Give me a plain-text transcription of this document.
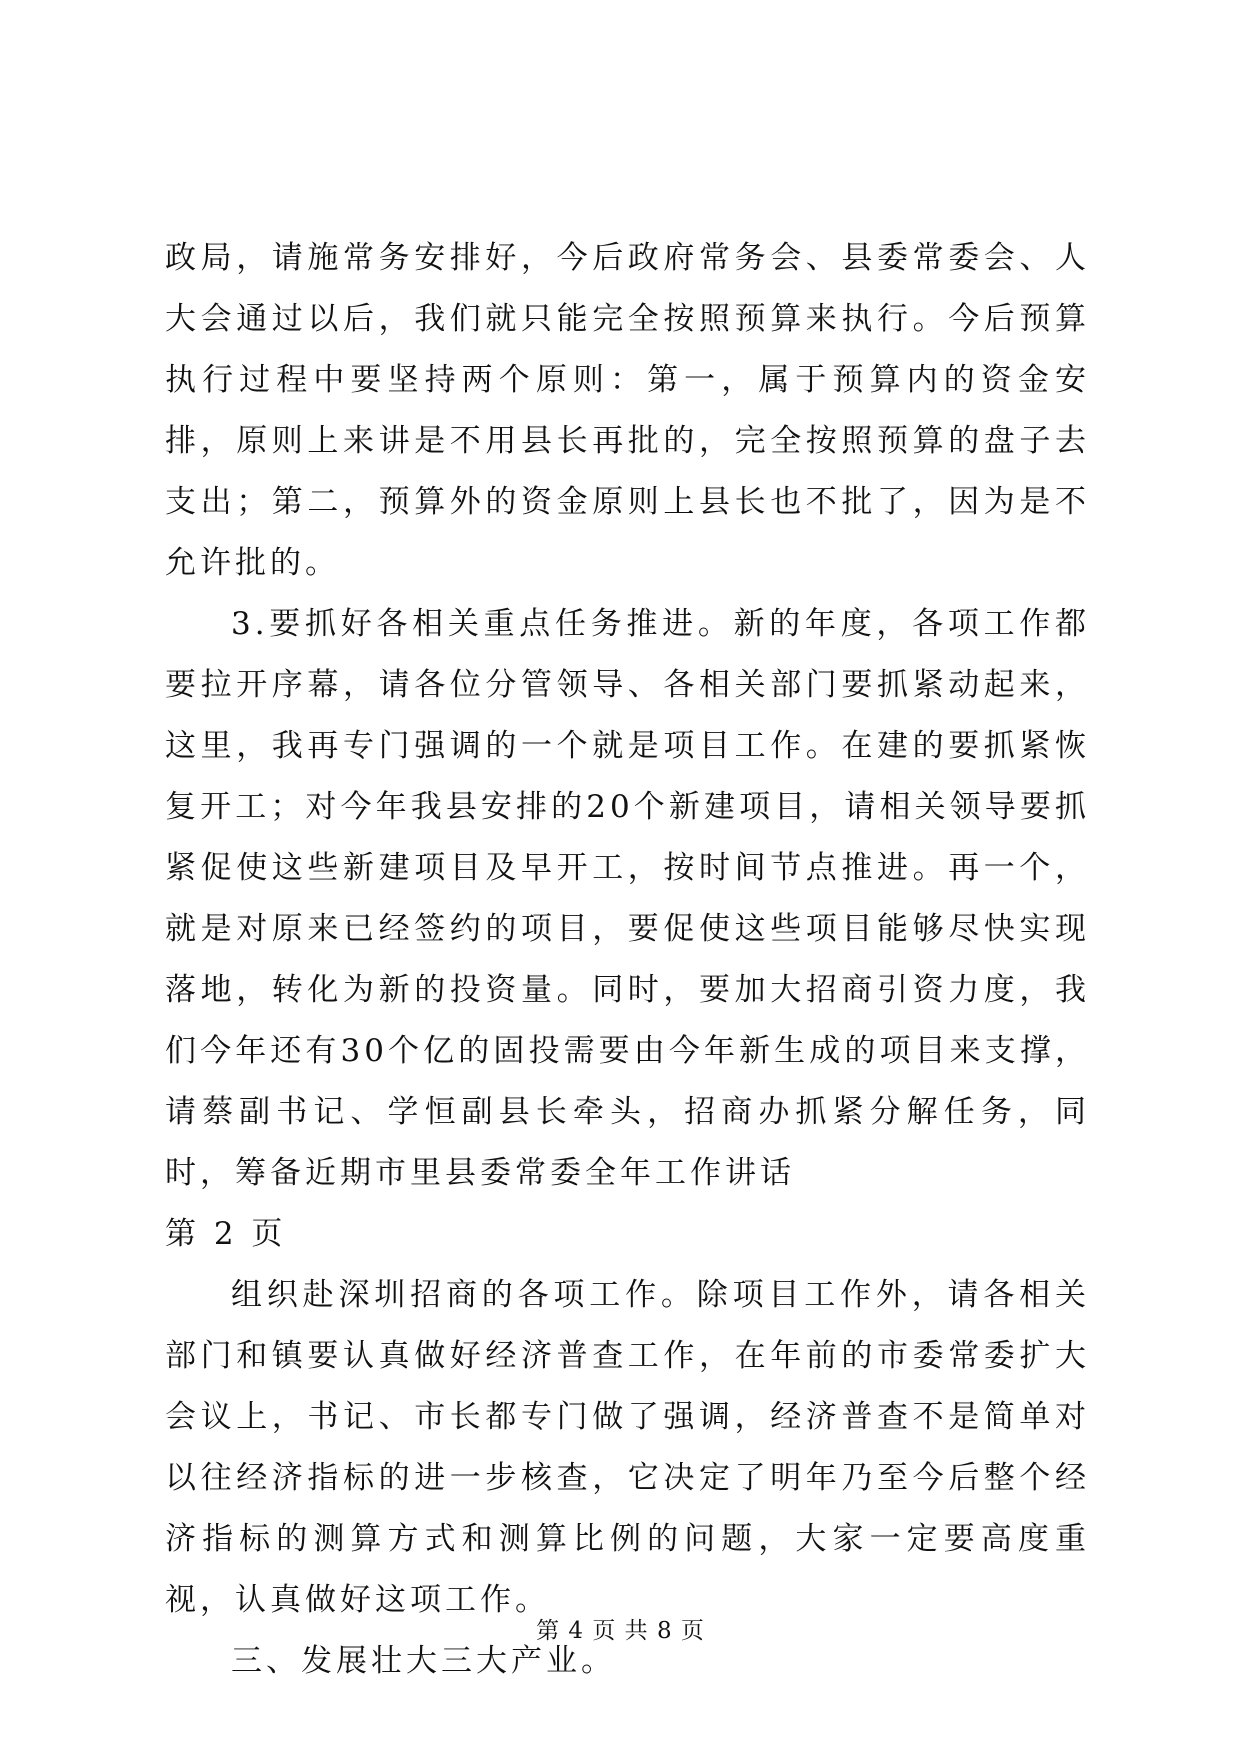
政局，请施常务安排好，今后政府常务会、县委常委会、人大会通过以后，我们就只能完全按照预算来执行。今后预算执行过程中要坚持两个原则：第一，属于预算内的资金安排，原则上来讲是不用县长再批的，完全按照预算的盘子去支出；第二，预算外的资金原则上县长也不批了，因为是不允许批的。

3.要抓好各相关重点任务推进。新的年度，各项工作都要拉开序幕，请各位分管领导、各相关部门要抓紧动起来，这里，我再专门强调的一个就是项目工作。在建的要抓紧恢复开工；对今年我县安排的20个新建项目，请相关领导要抓紧促使这些新建项目及早开工，按时间节点推进。再一个，就是对原来已经签约的项目，要促使这些项目能够尽快实现落地，转化为新的投资量。同时，要加大招商引资力度，我们今年还有30个亿的固投需要由今年新生成的项目来支撑，请蔡副书记、学恒副县长牵头，招商办抓紧分解任务，同时，筹备近期市里县委常委全年工作讲话

第 2 页

组织赴深圳招商的各项工作。除项目工作外，请各相关部门和镇要认真做好经济普查工作，在年前的市委常委扩大会议上，书记、市长都专门做了强调，经济普查不是简单对以往经济指标的进一步核查，它决定了明年乃至今后整个经济指标的测算方式和测算比例的问题，大家一定要高度重视，认真做好这项工作。

三、发展壮大三大产业。

第 4 页 共 8 页
